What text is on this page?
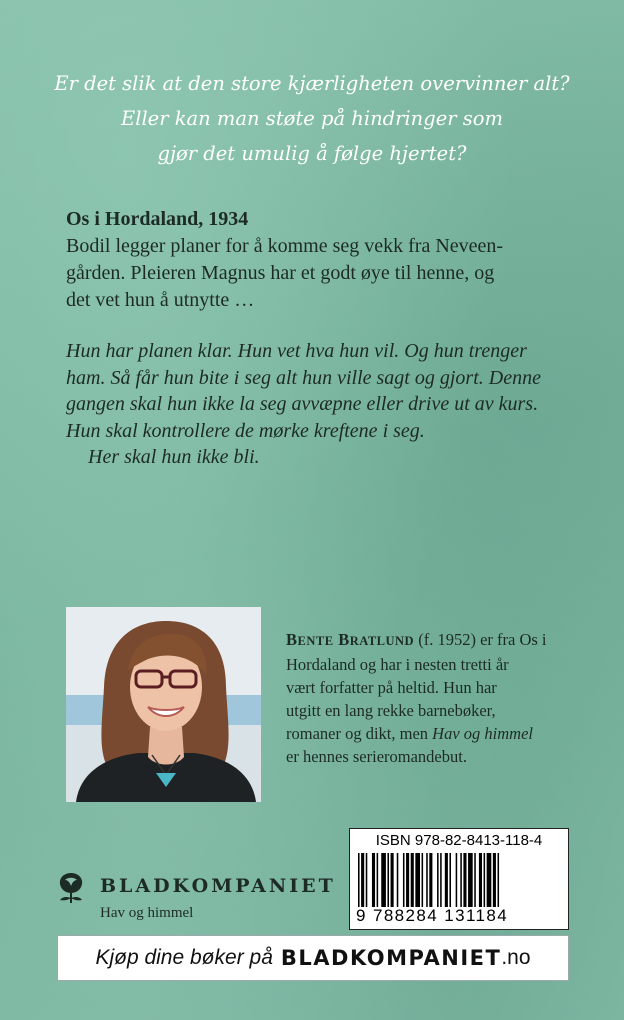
Er det slik at den store kjærligheten overvinner alt?
Eller kan man støte på hindringer som
gjør det umulig å følge hjertet?
Os i Hordaland, 1934
Bodil legger planer for å komme seg vekk fra Neveen-
gården. Pleieren Magnus har et godt øye til henne, og
det vet hun å utnytte …
Hun har planen klar. Hun vet hva hun vil. Og hun trenger
ham. Så får hun bite i seg alt hun ville sagt og gjort. Denne
gangen skal hun ikke la seg avvæpne eller drive ut av kurs.
Hun skal kontrollere de mørke kreftene i seg.
Her skal hun ikke bli.
BENTE BRATLUND (f. 1952) er fra Os i
Hordaland og har i nesten tretti år
vært forfatter på heltid. Hun har
utgitt en lang rekke barnebøker,
romaner og dikt, men Hav og himmel
er hennes serieromandebut.
BLADKOMPANIET
Hav og himmel
ISBN 978-82-8413-118-4
9 788284 131184
Kjøp dine bøker på BLADKOMPANIET .no
